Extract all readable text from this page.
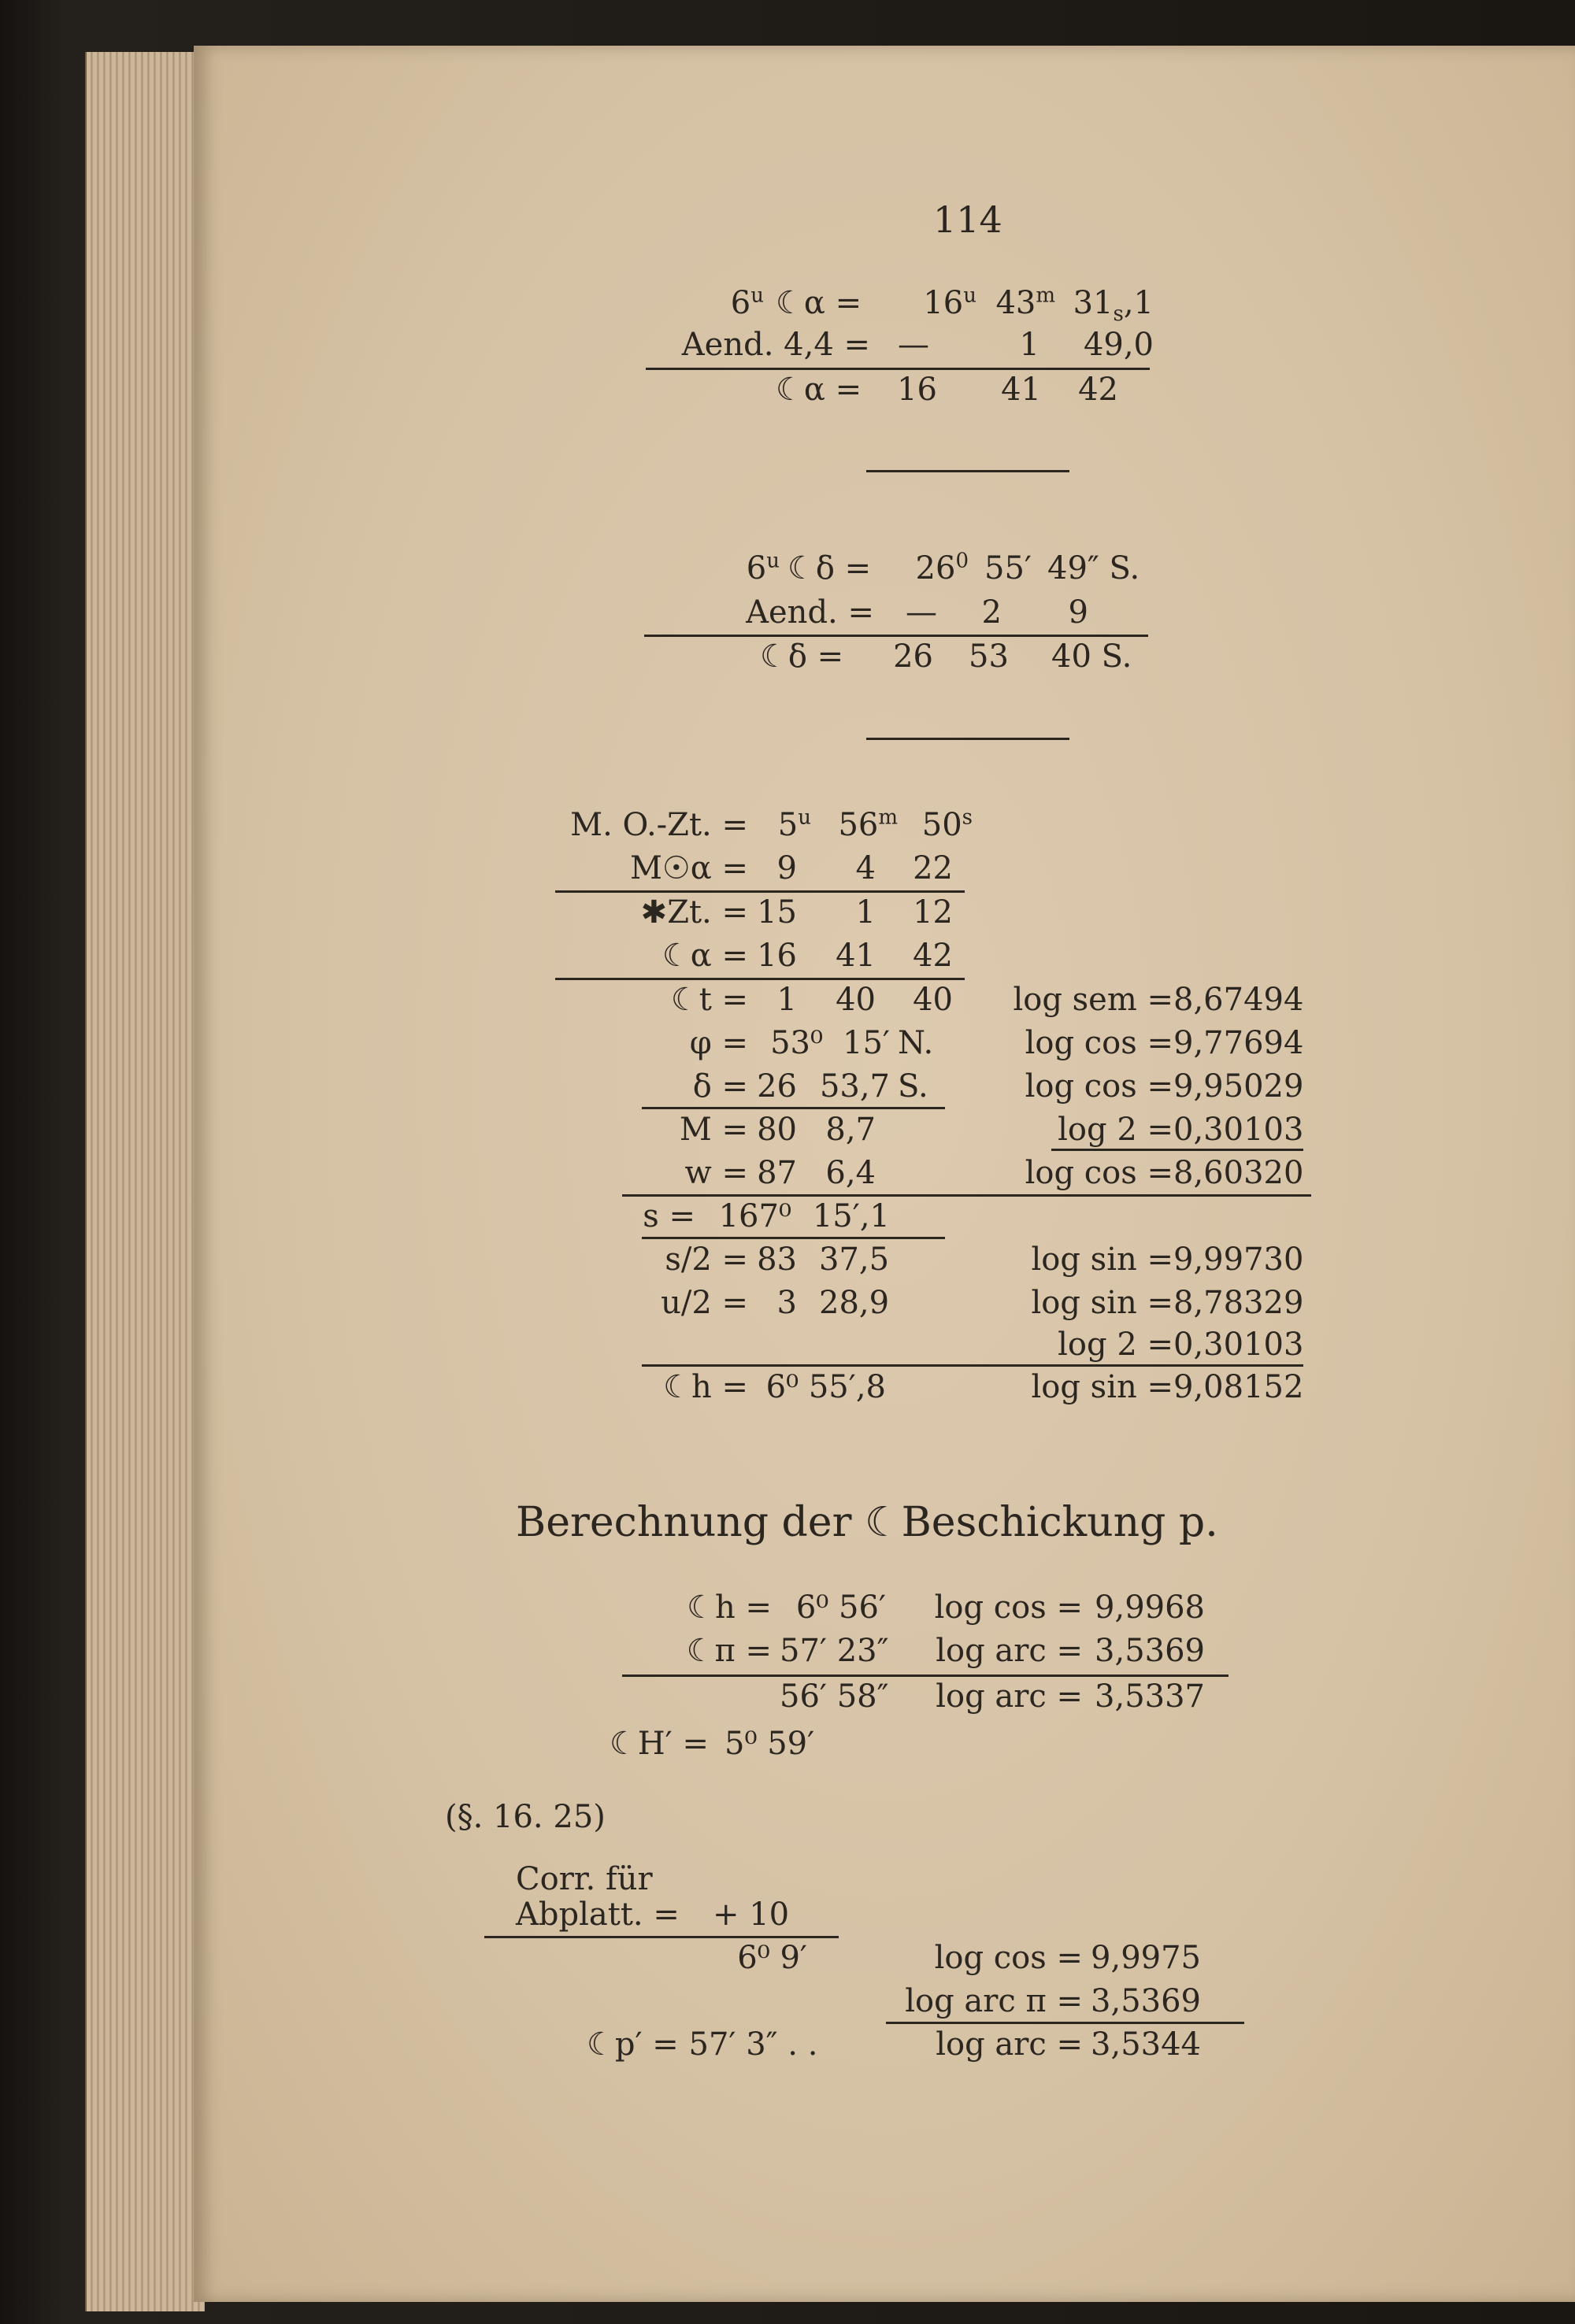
114
6$^u$ ☾α =	$16^u$ 43$^m$ $31_s,1$
Aend. 4,4 = —	1	49,0
☾α =	16	41	42
6$^u$ ☾δ =	$26^0$ 55′ 49″ S.
Aend. =	—	2	9
☾δ = 26 53 40 S.
M. O.-Zt. = $5^u$ 56$^m$ 50$^s$
M☉α = 9	4 22
✱Zt. = 15	1 12
☾α = 16	41 42
☾t = 1	40 40	log sem = 8,67494
φ = 53⁰ 15′ N.	log cos = 9,77694
δ = 26 53,7 S.	log cos = 9,95029
M = 80 8,7	log 2 = 0,30103
w = 87 6,4	log cos = 8,60320
s = 167⁰ 15′,1
s/2 = 83 37,5	log sin = 9,99730
u/2 = 3 28,9	log sin = 8,78329
log 2 = 0,30103
☾h = 6⁰ 55′,8	log sin = 9,08152
Berechnung der ☾Beschickung p.
☾h = 6⁰ 56′	log cos = 9,9968
☾π = 57′ 23″	log arc = 3,5369
56′ 58″	log arc = 3,5337
☾H′ = 5⁰ 59′
(§. 16. 25)
Corr. für
Abplatt. = + 10
6⁰ 9′	log cos = 9,9975
log arc π = 3,5369
☾p′ = 57′ 3″ . .	log arc = 3,5344
